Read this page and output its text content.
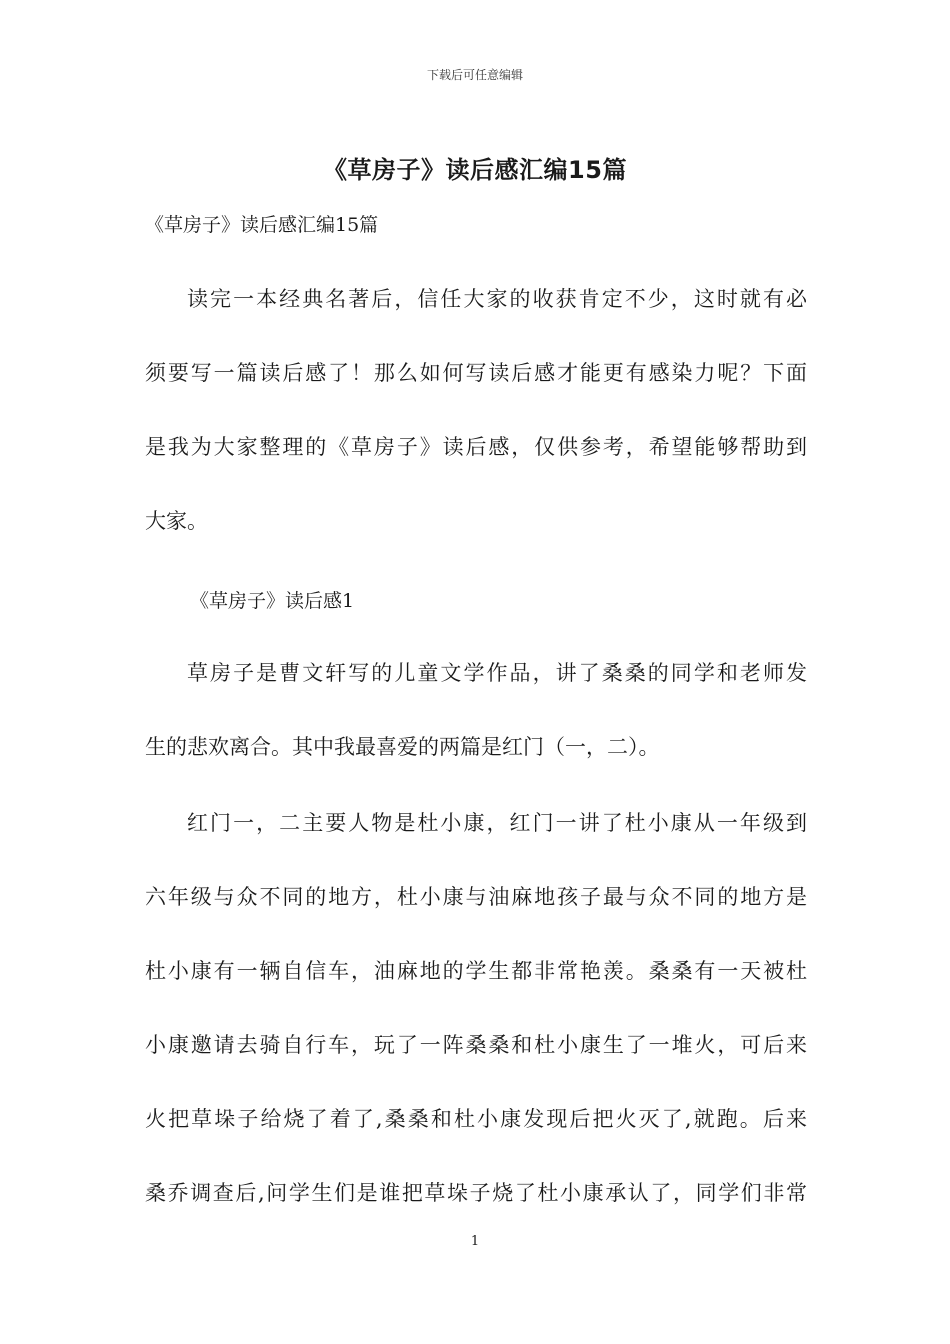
下载后可任意编辑
《草房子》读后感汇编15篇
《草房子》读后感汇编15篇
读完一本经典名著后，信任大家的收获肯定不少，这时就有必
须要写一篇读后感了！那么如何写读后感才能更有感染力呢？下面
是我为大家整理的《草房子》读后感，仅供参考，希望能够帮助到
大家。
《草房子》读后感1
草房子是曹文轩写的儿童文学作品，讲了桑桑的同学和老师发
生的悲欢离合。其中我最喜爱的两篇是红门（一，二）。
红门一，二主要人物是杜小康，红门一讲了杜小康从一年级到
六年级与众不同的地方，杜小康与油麻地孩子最与众不同的地方是
杜小康有一辆自信车，油麻地的学生都非常艳羡。桑桑有一天被杜
小康邀请去骑自行车，玩了一阵桑桑和杜小康生了一堆火，可后来
火把草垛子给烧了着了,桑桑和杜小康发现后把火灭了,就跑。后来
桑乔调查后,问学生们是谁把草垛子烧了杜小康承认了，同学们非常
1
